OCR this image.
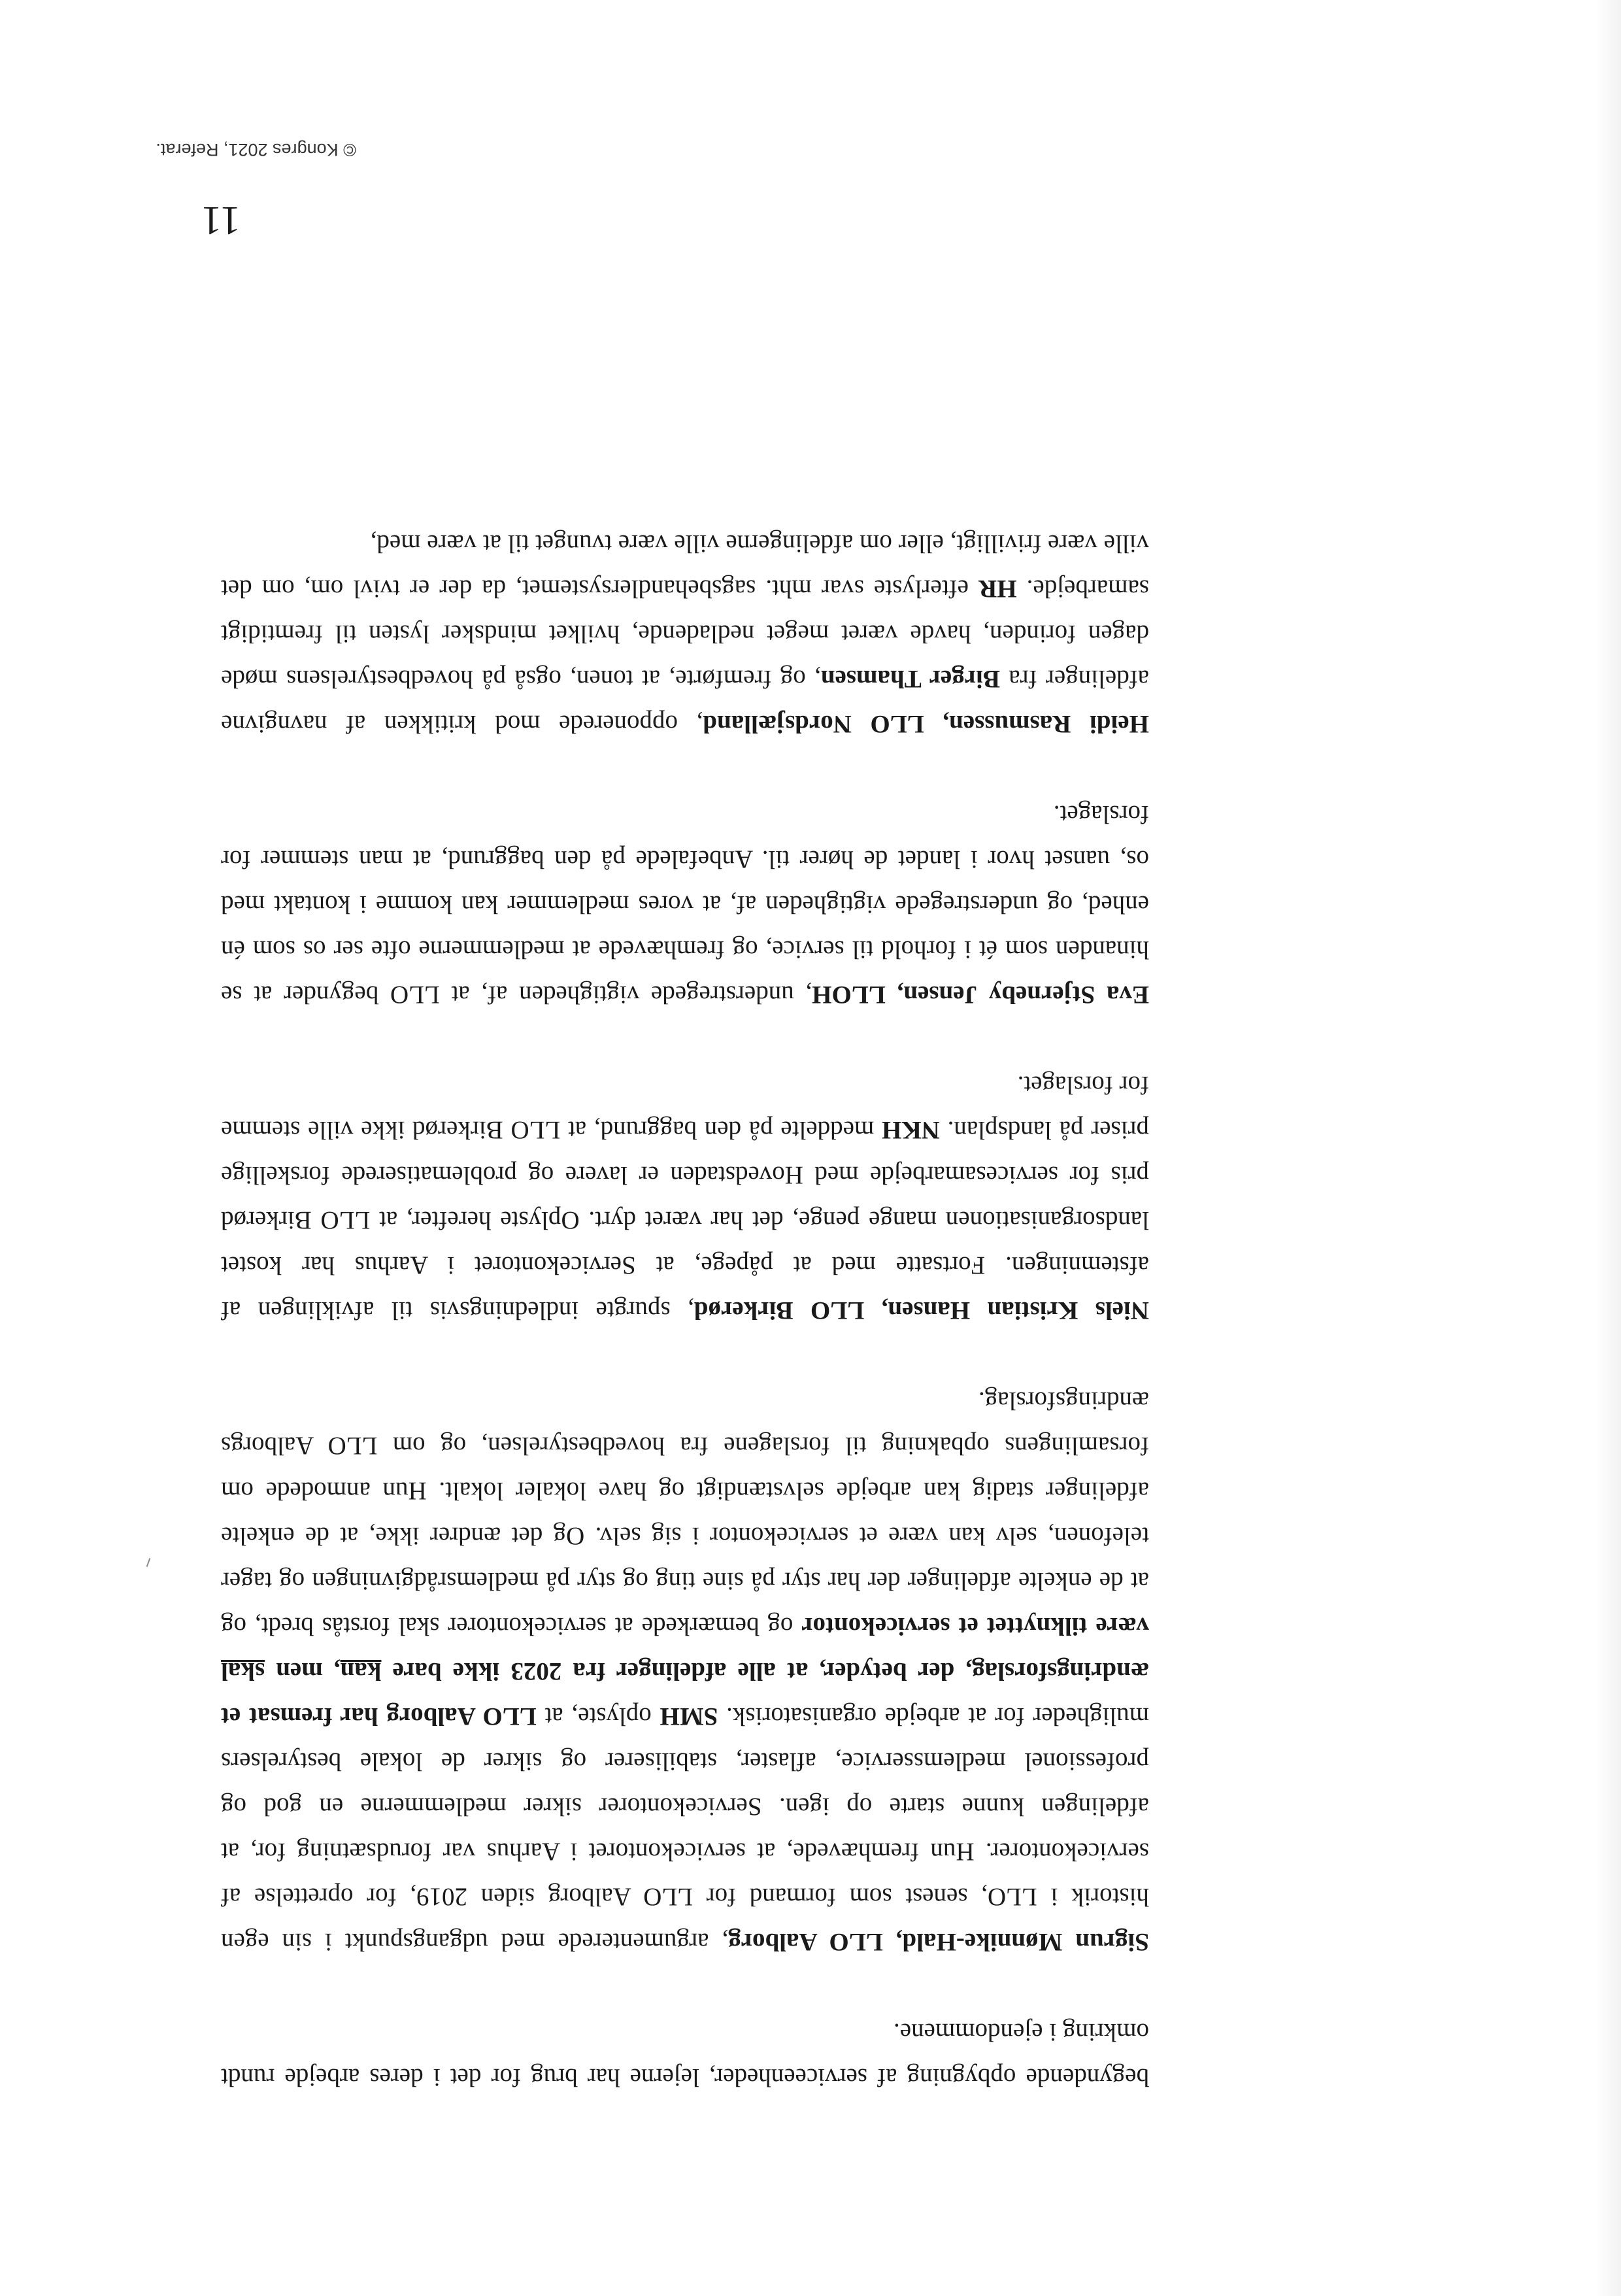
11

begyndende opbygning af serviceenheder, lejerne har brug for det i deres arbejde rundt omkring i ejendommene.

Sigrun Mønnike-Hald, LLO Aalborg, argumenterede med udgangspunkt i sin egen historik i LLO, senest som formand for LLO Aalborg siden 2019, for oprettelse af servicekontorer. Hun fremhævede, at servicekontoret i Aarhus var forudsætning for, at afdelingen kunne starte op igen. Servicekontorer sikrer medlemmerne en god og professionel medlemsservice, aflaster, stabiliserer og sikrer de lokale bestyrelsers muligheder for at arbejde organisatorisk. SMH oplyste, at LLO Aalborg har fremsat et ændringsforslag, der betyder, at alle afdelinger fra 2023 ikke bare kan, men skal være tilknyttet et servicekontor og bemærkede at servicekontorer skal forstås bredt, og at de enkelte afdelinger der har styr på sine ting og styr på medlemsrådgivningen og tager telefonen, selv kan være et servicekontor i sig selv. Og det ændrer ikke, at de enkelte afdelinger stadig kan arbejde selvstændigt og have lokaler lokalt. Hun anmodede om forsamlingens opbakning til forslagene fra hovedbestyrelsen, og om LLO Aalborgs ændringsforslag.

Niels Kristian Hansen, LLO Birkerød, spurgte indledningsvis til afviklingen af afstemningen. Fortsatte med at påpege, at Servicekontoret i Aarhus har kostet landsorganisationen mange penge, det har været dyrt. Oplyste herefter, at LLO Birkerød pris for servicesamarbejde med Hovedstaden er lavere og problematiserede forskellige priser på landsplan. NKH meddelte på den baggrund, at LLO Birkerød ikke ville stemme for forslaget.

Eva Stjerneby Jensen, LLOH, understregede vigtigheden af, at LLO begynder at se hinanden som ét i forhold til service, og fremhævede at medlemmerne ofte ser os som én enhed, og understregede vigtigheden af, at vores medlemmer kan komme i kontakt med os, uanset hvor i landet de hører til. Anbefalede på den baggrund, at man stemmer for forslaget.

Heidi Rasmussen, LLO Nordsjælland, opponerede mod kritikken af navngivne afdelinger fra Birger Thamsen, og fremførte, at tonen, også på hovedbestyrelsens møde dagen forinden, havde været meget nedladende, hvilket mindsker lysten til fremtidigt samarbejde. HR efterlyste svar mht. sagsbehandlersystemet, da der er tvivl om, om det ville være frivilligt, eller om afdelingerne ville være tvunget til at være med,

© Kongres 2021, Referat.
